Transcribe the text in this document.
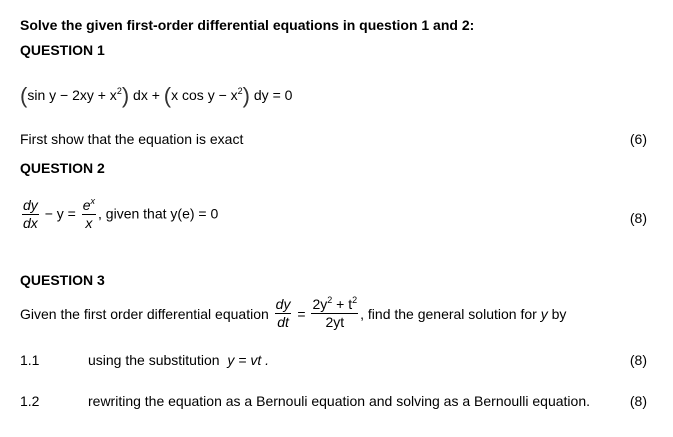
Solve the given first-order differential equations in question 1 and 2:
QUESTION 1
(sin $y - 2xy + x^2$) dx + (x $\cos y - x^2$) dy = 0
First show that the equation is exact	(6)
QUESTION 2
$\frac{dy}{dx} - y = \frac{e^x}{x}$ , given that y(e) = 0	(8)
QUESTION 3
Given the first order differential equation $\frac{dy}{dt} = \frac{2y^2 + t^2}{2yt}$ , find the general solution for y by
1.1	using the substitution y = vt .	(8)
1.2	rewriting the equation as a Bernouli equation and solving as a Bernoulli equation.	(8)
